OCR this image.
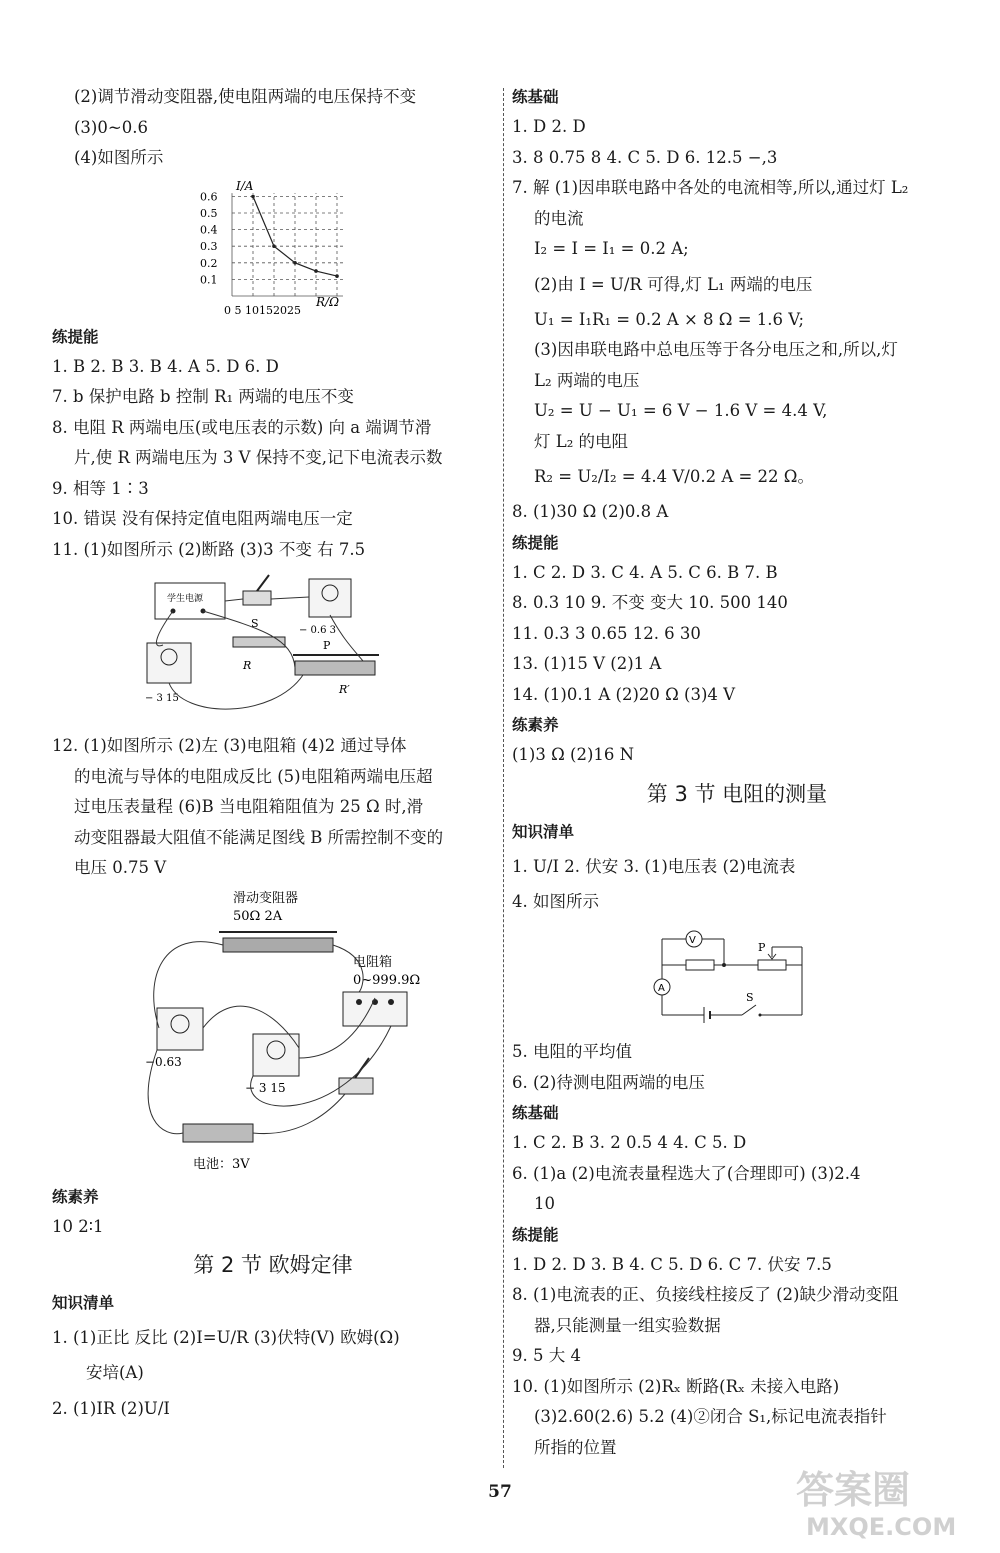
(2)调节滑动变阻器,使电阻两端的电压保持不变
(3)0~0.6
(4)如图所示
I/A
R/Ω
0 5 10152025
0.6
0.5
0.4
0.3
0.2
0.1
练提能
1. B 2. B 3. B 4. A 5. D 6. D
7. b 保护电路 b 控制 R₁ 两端的电压不变
8. 电阻 R 两端电压(或电压表的示数) 向 a 端调节滑
片,使 R 两端电压为 3 V 保持不变,记下电流表示数
9. 相等 1∶3
10. 错误 没有保持定值电阻两端电压一定
11. (1)如图所示 (2)断路 (3)3 不变 右 7.5
学生电源
S
− 0.6 3
R
− 3 15
P
R′
12. (1)如图所示 (2)左 (3)电阻箱 (4)2 通过导体
的电流与导体的电阻成反比 (5)电阻箱两端电压超
过电压表量程 (6)B 当电阻箱阻值为 25 Ω 时,滑
动变阻器最大阻值不能满足图线 B 所需控制不变的
电压 0.75 V
滑动变阻器
50Ω 2A
电阻箱
0~999.9Ω
−0.63
− 3 15
电池：3V
练素养
10 2∶1
第 2 节 欧姆定律
知识清单
1. (1)正比 反比 (2)I=U/R (3)伏特(V) 欧姆(Ω)
安培(A)
2. (1)IR (2)U/I
练基础
1. D 2. D
3. 8 0.75 8 4. C 5. D 6. 12.5 −,3
7. 解 (1)因串联电路中各处的电流相等,所以,通过灯 L₂
的电流
I₂ = I = I₁ = 0.2 A;
(2)由 I = U/R 可得,灯 L₁ 两端的电压
U₁ = I₁R₁ = 0.2 A × 8 Ω = 1.6 V;
(3)因串联电路中总电压等于各分电压之和,所以,灯
L₂ 两端的电压
U₂ = U − U₁ = 6 V − 1.6 V = 4.4 V,
灯 L₂ 的电阻
R₂ = U₂/I₂ = 4.4 V/0.2 A = 22 Ω。
8. (1)30 Ω (2)0.8 A
练提能
1. C 2. D 3. C 4. A 5. C 6. B 7. B
8. 0.3 10 9. 不变 变大 10. 500 140
11. 0.3 3 0.65 12. 6 30
13. (1)15 V (2)1 A
14. (1)0.1 A (2)20 Ω (3)4 V
练素养
(1)3 Ω (2)16 N
第 3 节 电阻的测量
知识清单
1. U/I 2. 伏安 3. (1)电压表 (2)电流表
4. 如图所示
V
P
A
S
5. 电阻的平均值
6. (2)待测电阻两端的电压
练基础
1. C 2. B 3. 2 0.5 4 4. C 5. D
6. (1)a (2)电流表量程选大了(合理即可) (3)2.4
10
练提能
1. D 2. D 3. B 4. C 5. D 6. C 7. 伏安 7.5
8. (1)电流表的正、负接线柱接反了 (2)缺少滑动变阻
器,只能测量一组实验数据
9. 5 大 4
10. (1)如图所示 (2)Rₓ 断路(Rₓ 未接入电路)
(3)2.60(2.6) 5.2 (4)②闭合 S₁,标记电流表指针
所指的位置
57	答案圈
MXQE.COM
